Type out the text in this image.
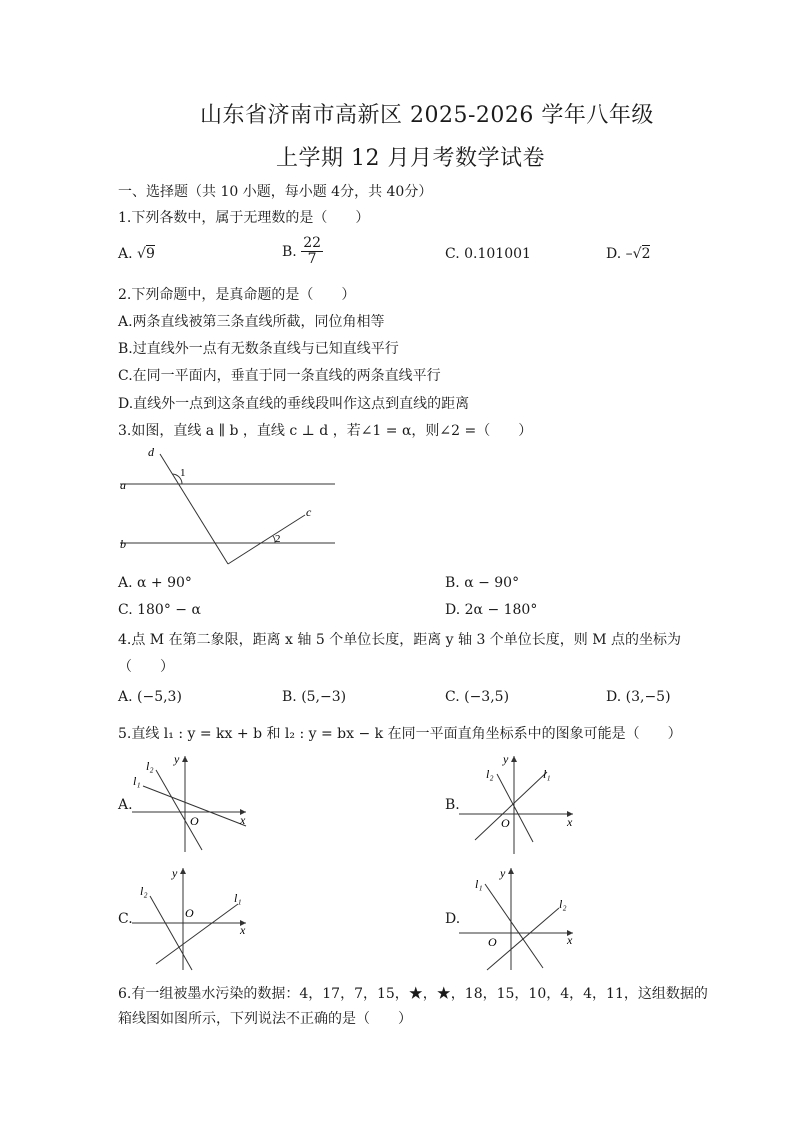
山东省济南市高新区 2025-2026 学年八年级
上学期 12 月月考数学试卷
一、选择题（共 10 小题，每小题 4分，共 40分）
1.下列各数中，属于无理数的是（　　）
A. √9	B. $\frac{22}{7}$	C. 0.101001	D. –√2
2.下列命题中，是真命题的是（　　）
A.两条直线被第三条直线所截，同位角相等
B.过直线外一点有无数条直线与已知直线平行
C.在同一平面内，垂直于同一条直线的两条直线平行
D.直线外一点到这条直线的垂线段叫作这点到直线的距离
3.如图，直线 a ∥ b ，直线 c ⊥ d ，若∠1 = α，则∠2 =（　　）
a
b
c
d
1
2
A. α + 90°	B. α − 90°
C. 180° − α	D. 2α − 180°
4.点 M 在第二象限，距离 x 轴 5 个单位长度，距离 y 轴 3 个单位长度，则 M 点的坐标为
（　　）
A. (−5,3)	B. (5,−3)	C. (−3,5)	D. (3,−5)
5.直线 l₁ : y = kx + b 和 l₂ : y = bx − k 在同一平面直角坐标系中的图象可能是（　　）
A.
x
y
O
l₁
l₂
B.
x
y
O
l₁
l₂
C.
x
y
O
l₁
l₂
D.
x
y
O
l₂
l₁
6.有一组被墨水污染的数据：4，17，7，15，★，★，18，15，10，4，4，11，这组数据的
箱线图如图所示，下列说法不正确的是（　　）
